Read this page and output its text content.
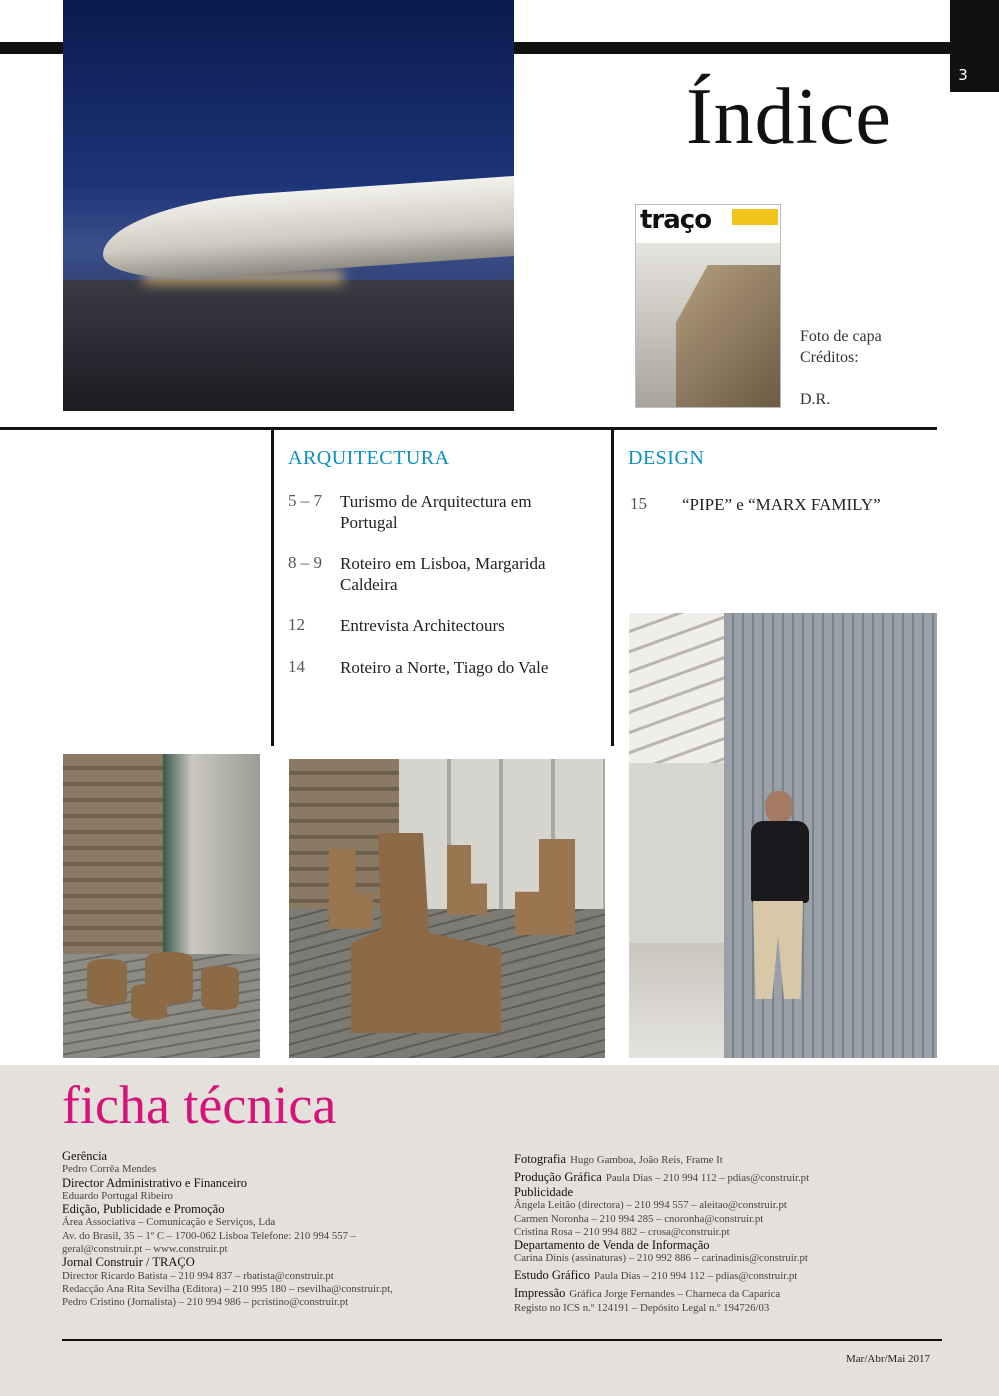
3
Índice
traço
Foto de capa
Créditos:
D.R.
ARQUITECTURA
5 – 7	Turismo de Arquitectura em Portugal
8 – 9	Roteiro em Lisboa, Margarida Caldeira
12	Entrevista Architectours
14	Roteiro a Norte, Tiago do Vale
DESIGN
15	“PIPE” e “MARX FAMILY”
ficha técnica
Gerência
Pedro Corrêa Mendes
Director Administrativo e Financeiro
Eduardo Portugal Ribeiro
Edição, Publicidade e Promoção
Área Associativa – Comunicação e Serviços, Lda
Av. do Brasil, 35 – 1º C – 1700-062 Lisboa Telefone: 210 994 557 –
geral@construir.pt – www.construir.pt
Jornal Construir / TRAÇO
Director Ricardo Batista – 210 994 837 – rbatista@construir.pt
Redacção Ana Rita Sevilha (Editora) – 210 995 180 – rsevilha@construir.pt,
Pedro Cristino (Jornalista) – 210 994 986 – pcristino@construir.pt
Fotografia Hugo Gamboa, João Reis, Frame It
Produção Gráfica Paula Dias – 210 994 112 – pdias@construir.pt
Publicidade
Ângela Leitão (directora) – 210 994 557 – aleitao@construir.pt
Carmen Noronha – 210 994 285 – cnoronha@construir.pt
Cristina Rosa – 210 994 882 – crosa@construir.pt
Departamento de Venda de Informação
Carina Dinis (assinaturas) – 210 992 886 – carinadinis@construir.pt
Estudo Gráfico Paula Dias – 210 994 112 – pdias@construir.pt
Impressão Gráfica Jorge Fernandes – Charneca da Caparica
Registo no ICS n.º 124191 – Depósito Legal n.º 194726/03
Mar/Abr/Mai 2017
